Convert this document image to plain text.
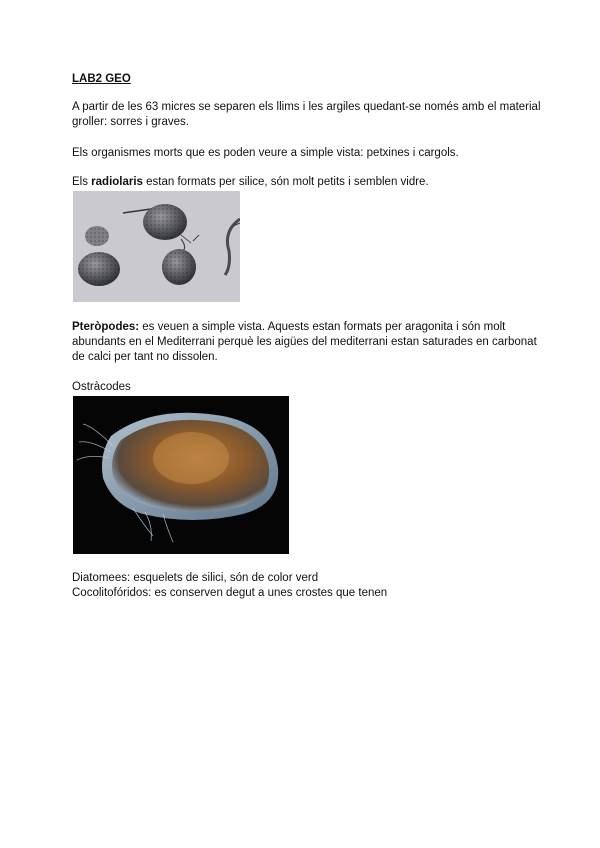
LAB2 GEO
A partir de les 63 micres se separen els llims i les argiles quedant-se només amb el material groller: sorres i graves.
Els organismes morts que es poden veure a simple vista: petxines i cargols.
Els radiolaris estan formats per silice, són molt petits i semblen vidre.
Pteròpodes: es veuen a simple vista. Aquests estan formats per aragonita i són molt abundants en el Mediterrani perquè les aigües del mediterrani estan saturades en carbonat de calci per tant no dissolen.
Ostràcodes
Diatomees: esquelets de silici, són de color verd
Cocolitofóridos: es conserven degut a unes crostes que tenen
